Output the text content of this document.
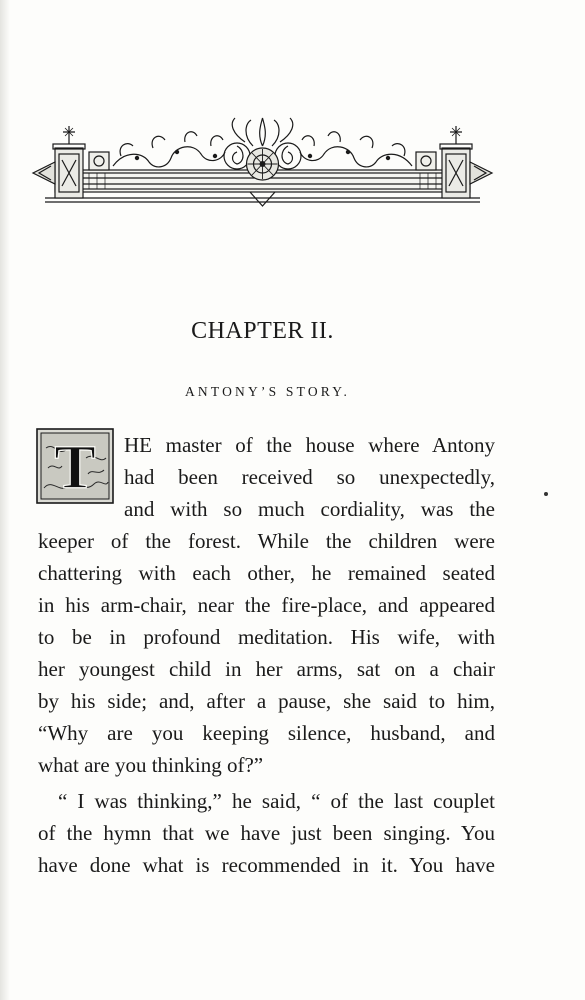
CHAPTER II.
ANTONY’S STORY.
T HE master of the house where Antony
had been received so unexpectedly,
and with so much cordiality, was the
keeper of the forest. While the children were
chattering with each other, he remained seated
in his arm-chair, near the fire-place, and appeared
to be in profound meditation. His wife, with
her youngest child in her arms, sat on a chair
by his side; and, after a pause, she said to him,
“Why are you keeping silence, husband, and
what are you thinking of?”
“ I was thinking,” he said, “ of the last couplet
of the hymn that we have just been singing. You
have done what is recommended in it. You have
